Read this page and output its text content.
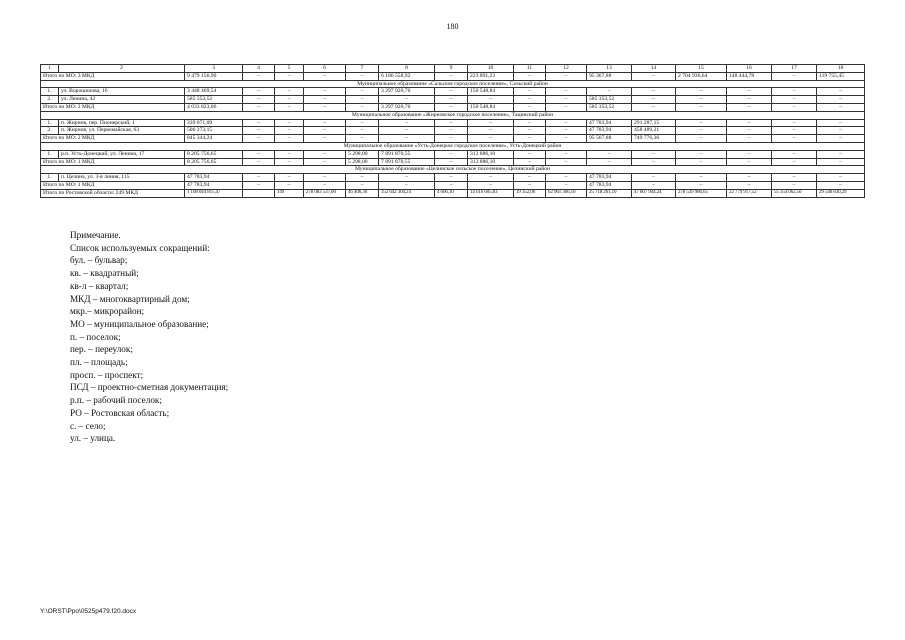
180
1	2	3	4	5	6	7	8	9	10	11	12	13	14	15	16	17	18
Итого по МО: 3 МКД		9 479 156,90	–	–	–	–	6 186 558,92	–	223 891,23	–	–	95 367,88	–	2 704 936,64	148 444,78	–	119 755,45
Муниципальное образование «Сальское городское поселение», Сальский район																	
1.	ул. Ворошилова, 16	3 448 469,54	–	–	–	–	3 297 920,70	–	150 548,84	–	–	–	–	–	–	–	–
2.	ул. Ленина, 42	585 353,52	–	–	–	–	–	–	–	–	–	585 353,52	–	–	–	–	–
Итого по МО: 2 МКД		4 033 823,06	–	–	–	–	3 297 920,70	–	150 548,84	–	–	585 353,52	–	–	–	–	–
Муниципальное образование «Жирновское городское поселение», Тацинский район																	
1.	п. Жирнов, пер. Пионерский, 1	339 071,09	–	–	–	–	–	–	–	–	–	47 783,94	291 287,15	–	–	–	–
2.	п. Жирнов, ул. Первомайская, 63	506 273,15	–	–	–	–	–	–	–	–	–	47 783,94	458 489,21	–	–	–	–
Итого по МО: 2 МКД		845 344,24	–	–	–	–	–	–	–	–	–	95 567,88	749 776,36	–	–	–	–
Муниципальное образование «Усть-Донецкое городское поселение», Усть-Донецкий район																	
1.	р.п. Усть-Донецкий, ул. Ленина, 17	8 205 756,65	–	–	–	5 298,00	7 891 870,55	–	313 886,10	–	–	–	–	–	–	–	–
Итого по МО: 1 МКД		8 205 756,65	–	–	–	5 298,00	7 891 870,55	–	313 886,10	–	–	–	–	–	–	–	–
Муниципальное образование «Целинское сельское поселение», Целинский район																	
1.	п. Целина, ул. 3-я линия, 115	47 783,94	–	–	–	–	–	–	–	–	–	47 783,94	–	–	–	–	–
Итого по МО: 1 МКД		47 783,94	–	–	–	–	–	–	–	–	–	47 783,94	–	–	–	–	–
Итого по Ростовской области: 249 МКД		1 108 044 815,47		149	278 083 537,00	46 406,36	352 642 304,24	4 606,10	14 616 605,83	19 352,06	62 961 366,10	25 718 261,10	47 807 944,24	278 539 986,65	22 779 917,52	55 354 062,50	29 540 830,29
Примечание.
Список используемых сокращений:
бул. – бульвар;
кв. – квадратный;
кв-л – квартал;
МКД – многоквартирный дом;
мкр.– микрорайон;
МО – муниципальное образование;
п. – поселок;
пер. – переулок;
пл. – площадь;
просп. – проспект;
ПСД – проектно-сметная документация;
р.п. – рабочий поселок;
РО – Ростовская область;
с. – село;
ул. – улица.
Y:\ORST\Ppo\0525p479.f20.docx
